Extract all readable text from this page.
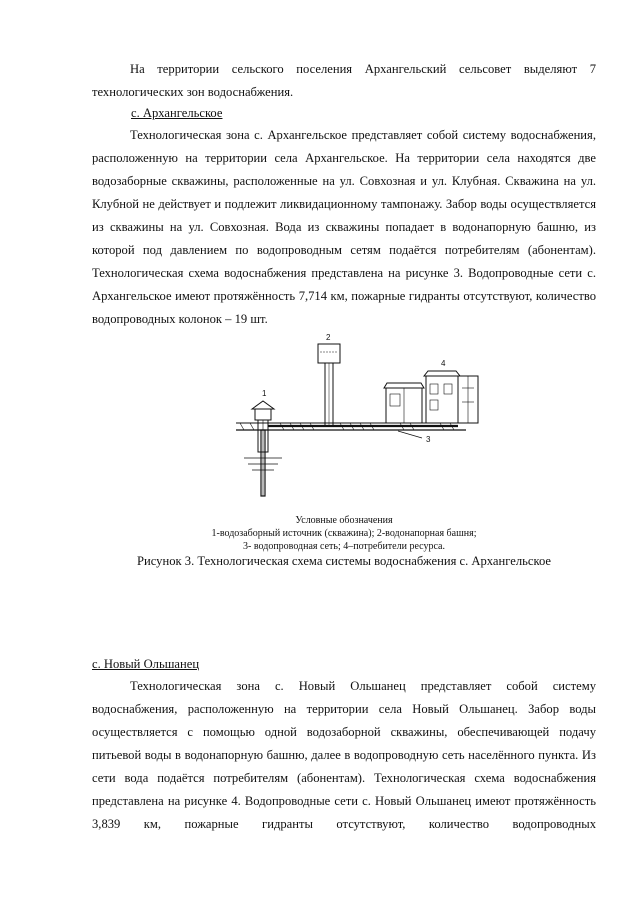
На территории сельского поселения Архангельский сельсовет выделяют 7 технологических зон водоснабжения.

с. Архангельское

Технологическая зона с. Архангельское представляет собой систему водоснабжения, расположенную на территории села Архангельское. На территории села находятся две водозаборные скважины, расположенные на ул. Совхозная и ул. Клубная. Скважина на ул. Клубной не действует и подлежит ликвидационному тампонажу. Забор воды осуществляется из скважины на ул. Совхозная. Вода из скважины попадает в водонапорную башню, из которой под давлением по водопроводным сетям подаётся потребителям (абонентам). Технологическая схема водоснабжения представлена на рисунке 3. Водопроводные сети с. Архангельское имеют протяжённость 7,714 км, пожарные гидранты отсутствуют, количество водопроводных колонок – 19 шт.

1
2
3
4

Условные обозначения

1-водозаборный источник (скважина); 2-водонапорная башня;

3- водопроводная сеть; 4–потребители ресурса.

Рисунок 3. Технологическая схема системы водоснабжения с. Архангельское

с. Новый Ольшанец

Технологическая зона с. Новый Ольшанец представляет собой систему водоснабжения, расположенную на территории села Новый Ольшанец. Забор воды осуществляется с помощью одной водозаборной скважины, обеспечивающей подачу питьевой воды в водонапорную башню, далее в водопроводную сеть населённого пункта. Из сети вода подаётся потребителям (абонентам). Технологическая схема водоснабжения представлена на рисунке 4. Водопроводные сети с. Новый Ольшанец имеют протяжённость 3,839 км, пожарные гидранты отсутствуют, количество водопроводных
